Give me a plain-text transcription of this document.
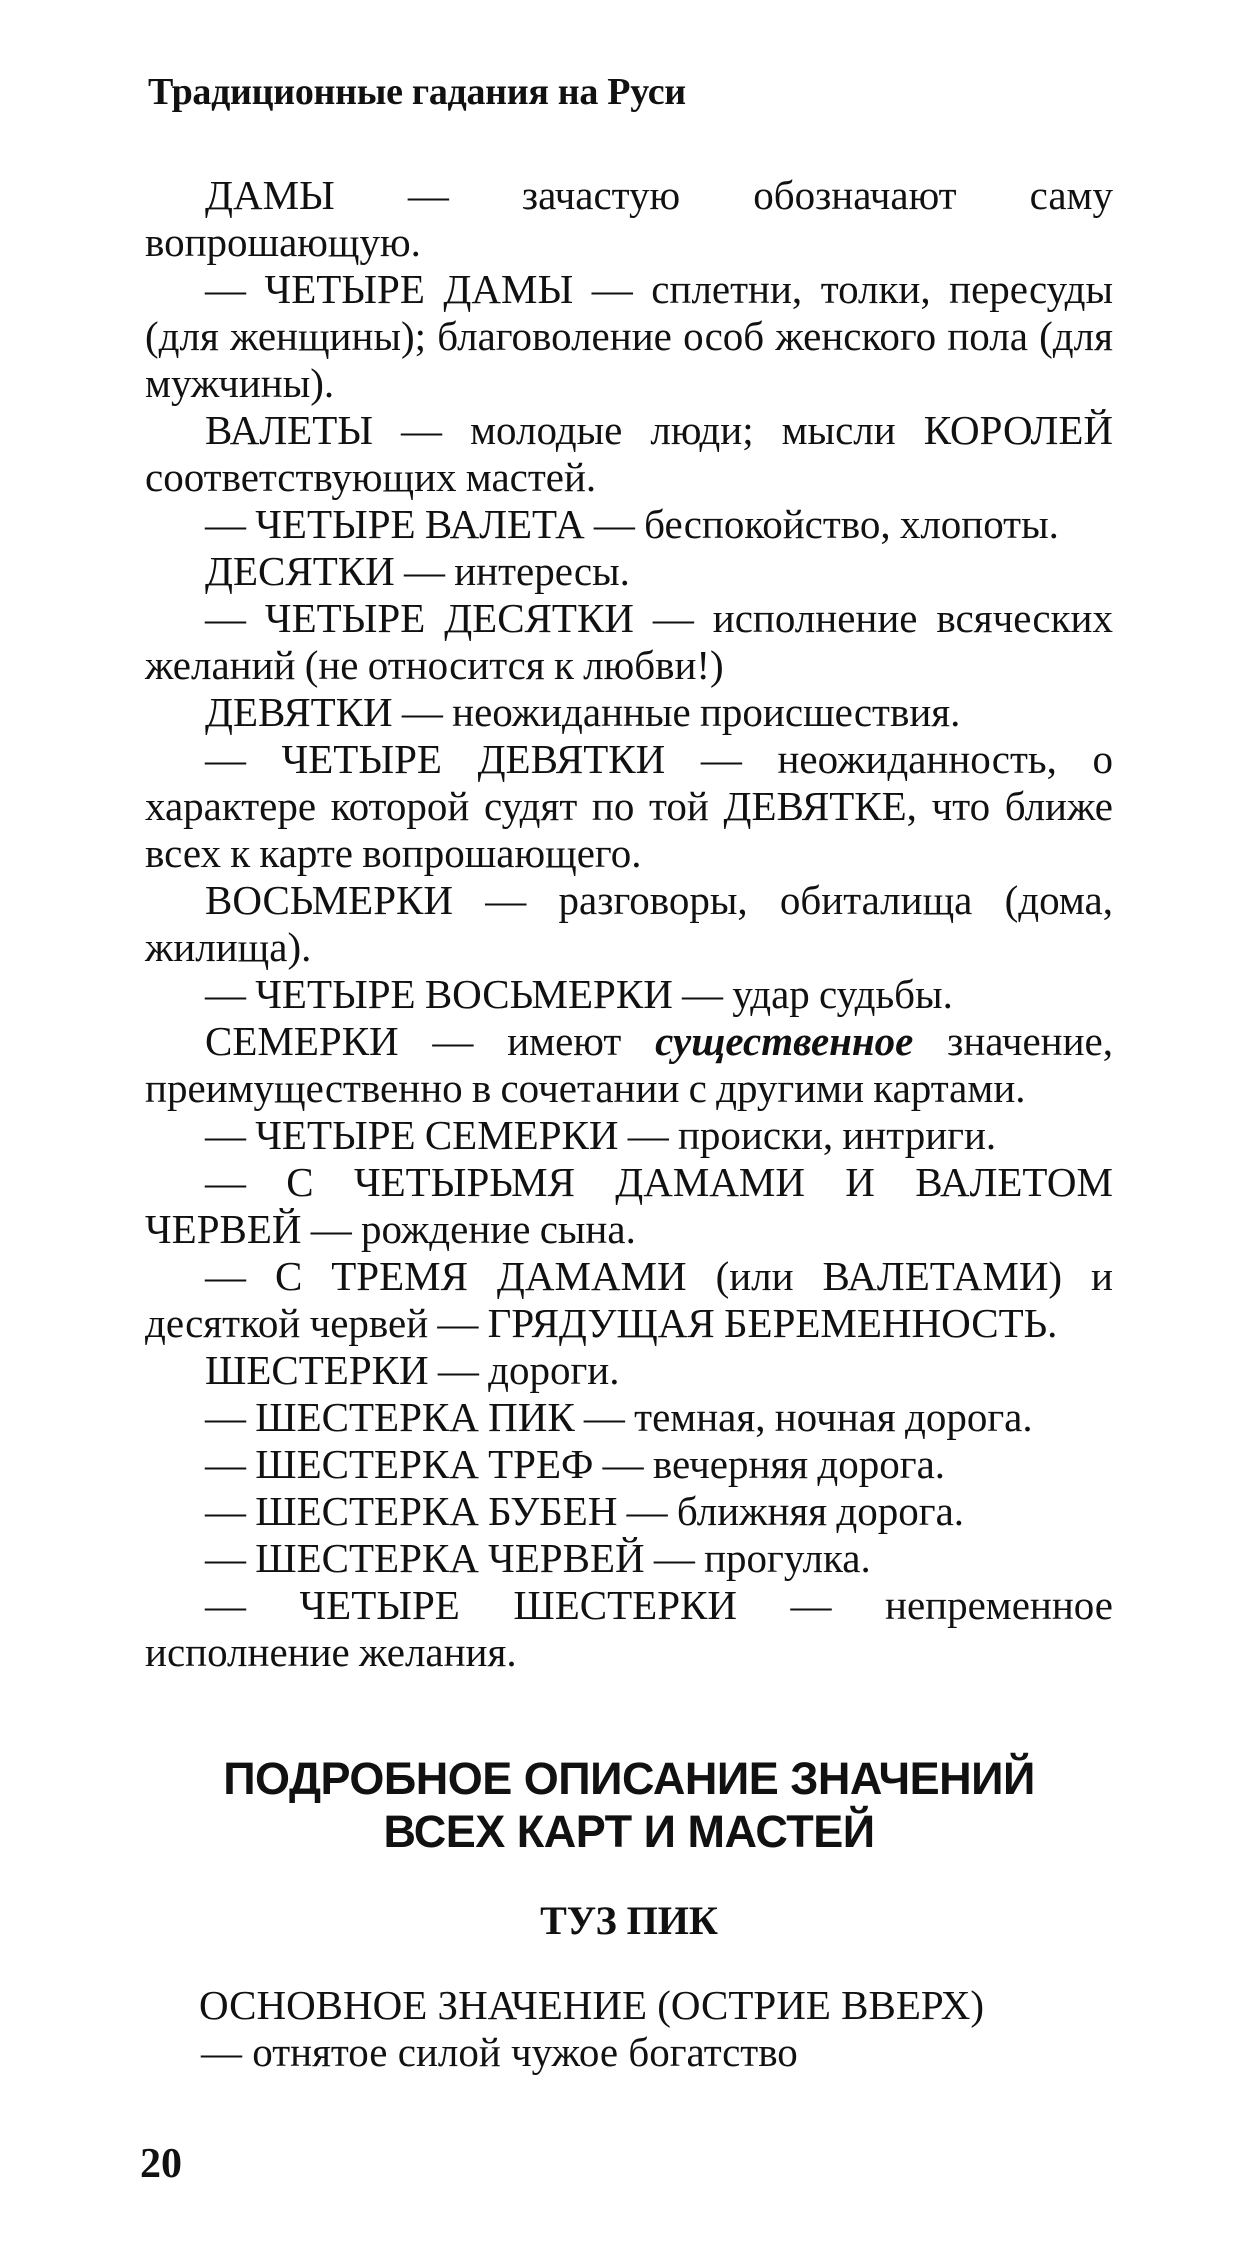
Традиционные гадания на Руси

ДАМЫ — зачастую обозначают саму вопрошающую.

— ЧЕТЫРЕ ДАМЫ — сплетни, толки, пересуды (для женщины); благоволение особ женского пола (для мужчины).

ВАЛЕТЫ — молодые люди; мысли КОРОЛЕЙ соответствующих мастей.

— ЧЕТЫРЕ ВАЛЕТА — беспокойство, хлопоты.

ДЕСЯТКИ — интересы.

— ЧЕТЫРЕ ДЕСЯТКИ — исполнение всяческих желаний (не относится к любви!)

ДЕВЯТКИ — неожиданные происшествия.

— ЧЕТЫРЕ ДЕВЯТКИ — неожиданность, о характере которой судят по той ДЕВЯТКЕ, что ближе всех к карте вопрошающего.

ВОСЬМЕРКИ — разговоры, обиталища (дома, жилища).

— ЧЕТЫРЕ ВОСЬМЕРКИ — удар судьбы.

СЕМЕРКИ — имеют существенное значение, преимущественно в сочетании с другими картами.

— ЧЕТЫРЕ СЕМЕРКИ — происки, интриги.

— С ЧЕТЫРЬМЯ ДАМАМИ И ВАЛЕТОМ ЧЕРВЕЙ — рождение сына.

— С ТРЕМЯ ДАМАМИ (или ВАЛЕТАМИ) и десяткой червей — ГРЯДУЩАЯ БЕРЕМЕННОСТЬ.

ШЕСТЕРКИ — дороги.

— ШЕСТЕРКА ПИК — темная, ночная дорога.

— ШЕСТЕРКА ТРЕФ — вечерняя дорога.

— ШЕСТЕРКА БУБЕН — ближняя дорога.

— ШЕСТЕРКА ЧЕРВЕЙ — прогулка.

— ЧЕТЫРЕ ШЕСТЕРКИ — непременное исполнение желания.

ПОДРОБНОЕ ОПИСАНИЕ ЗНАЧЕНИЙ
ВСЕХ КАРТ И МАСТЕЙ
ТУЗ ПИК

ОСНОВНОЕ ЗНАЧЕНИЕ (ОСТРИЕ ВВЕРХ)

— отнятое силой чужое богатство

20
